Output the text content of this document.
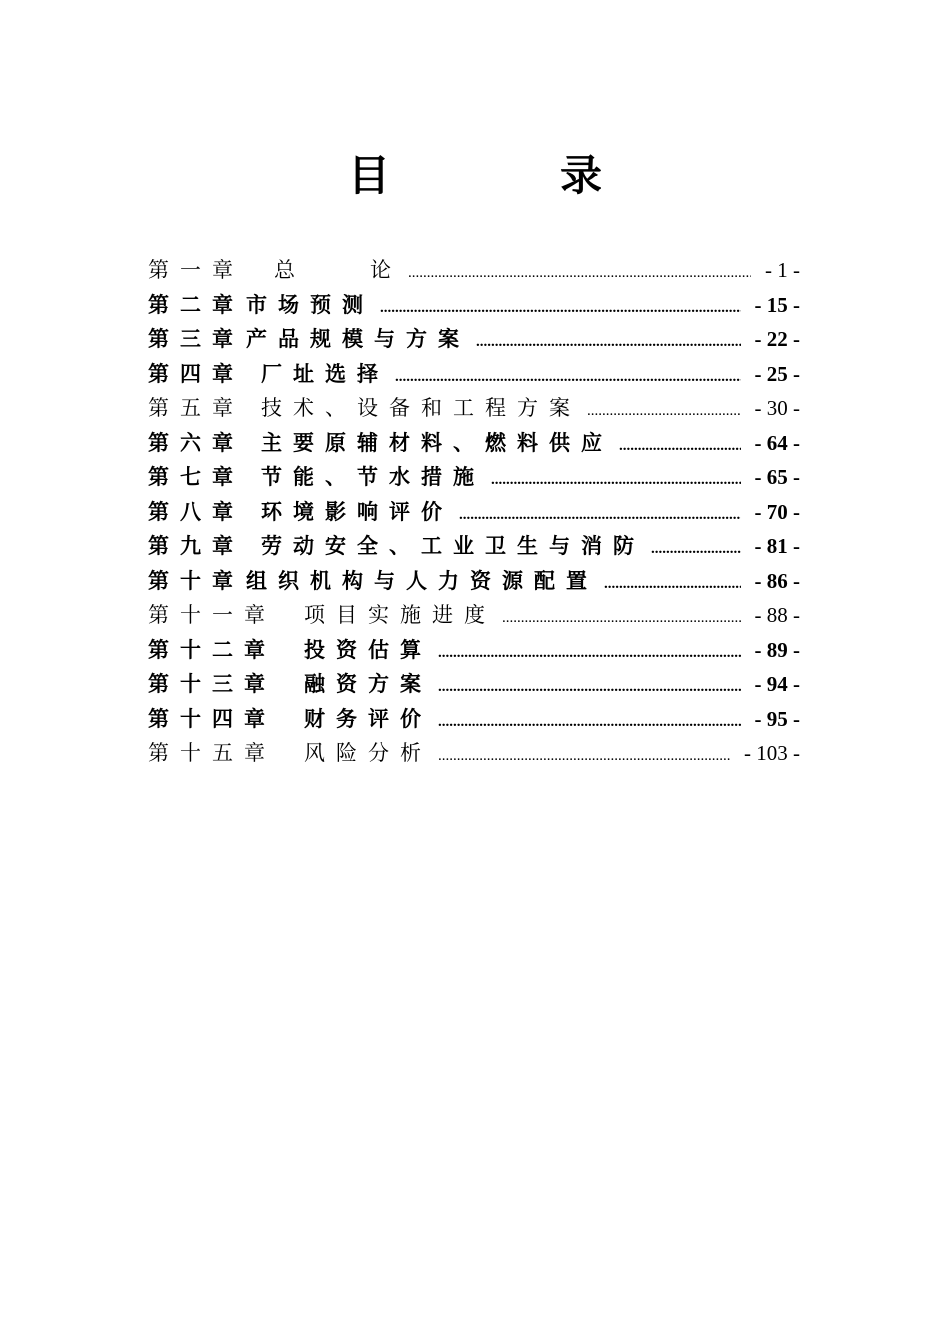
目　录
第一章 总　　论 .....	- 1 -
第二章 市场预测 .....	- 15 -
第三章 产品规模与方案 .....	- 22 -
第四章 厂址选择 .....	- 25 -
第五章 技术、设备和工程方案 .....	- 30 -
第六章 主要原辅材料、燃料供应 .....	- 64 -
第七章 节能、节水措施 .....	- 65 -
第八章 环境影响评价 .....	- 70 -
第九章 劳动安全、工业卫生与消防 .....	- 81 -
第十章 组织机构与人力资源配置 .....	- 86 -
第十一章 项目实施进度 .....	- 88 -
第十二章 投资估算 .....	- 89 -
第十三章 融资方案 .....	- 94 -
第十四章 财务评价 .....	- 95 -
第十五章 风险分析 .....	- 103 -
